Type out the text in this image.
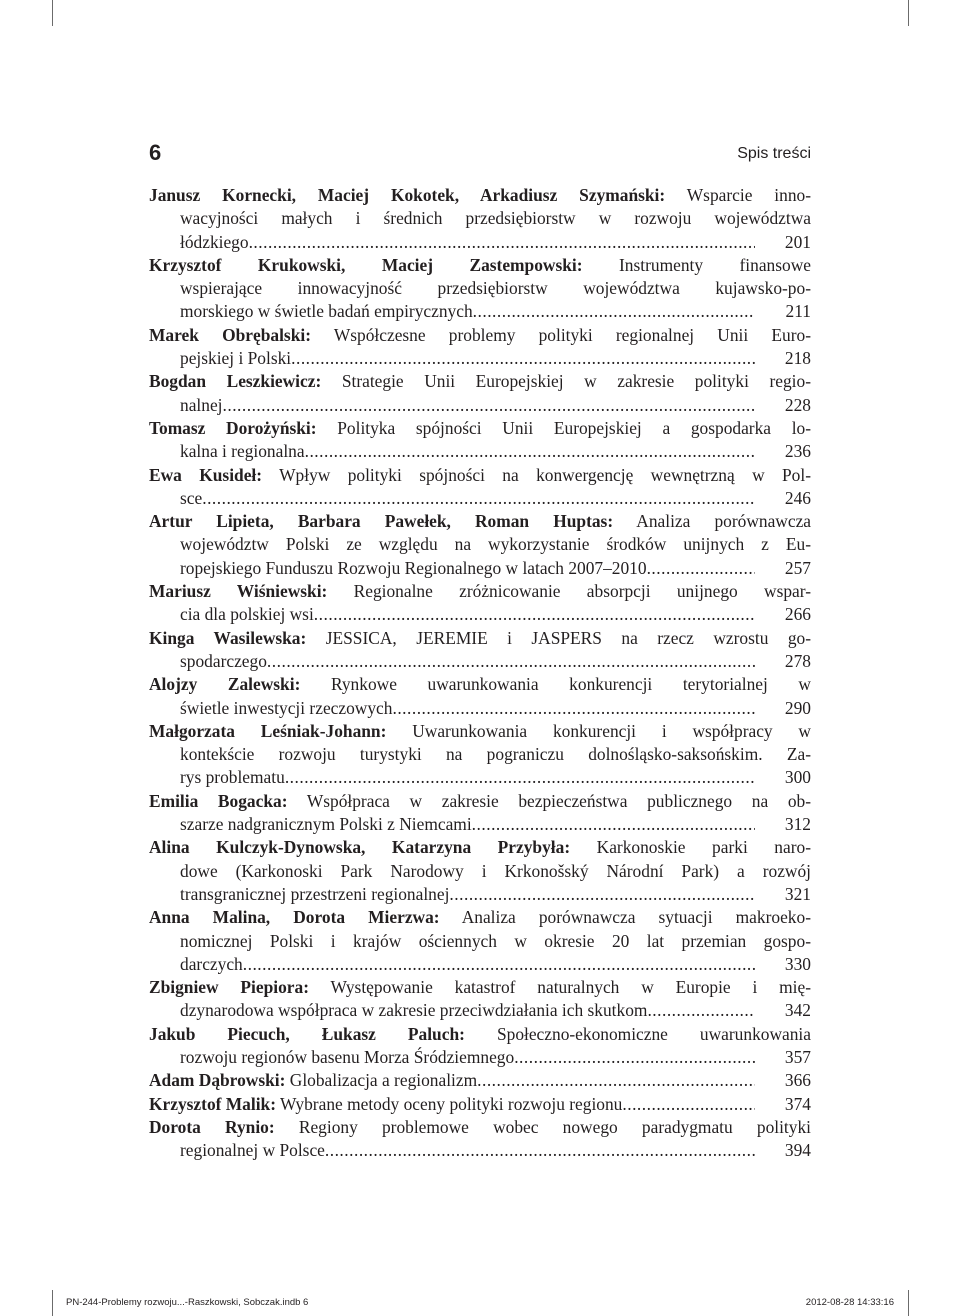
6	Spis treści
Janusz Kornecki, Maciej Kokotek, Arkadiusz Szymański: Wsparcie inno-
wacyjności małych i średnich przedsiębiorstw w rozwoju województwa
łódzkiego .....	201
Krzysztof Krukowski, Maciej Zastempowski: Instrumenty finansowe
wspierające innowacyjność przedsiębiorstw województwa kujawsko-po-
morskiego w świetle badań empirycznych .....	211
Marek Obrębalski: Współczesne problemy polityki regionalnej Unii Euro-
pejskiej i Polski .....	218
Bogdan Leszkiewicz: Strategie Unii Europejskiej w zakresie polityki regio-
nalnej .....	228
Tomasz Dorożyński: Polityka spójności Unii Europejskiej a gospodarka lo-
kalna i regionalna .....	236
Ewa Kusideł: Wpływ polityki spójności na konwergencję wewnętrzną w Pol-
sce .....	246
Artur Lipieta, Barbara Pawełek, Roman Huptas: Analiza porównawcza
województw Polski ze względu na wykorzystanie środków unijnych z Eu-
ropejskiego Funduszu Rozwoju Regionalnego w latach 2007–2010 .....	257
Mariusz Wiśniewski: Regionalne zróżnicowanie absorpcji unijnego wspar-
cia dla polskiej wsi .....	266
Kinga Wasilewska: JESSICA, JEREMIE i JASPERS na rzecz wzrostu go-
spodarczego .....	278
Alojzy Zalewski: Rynkowe uwarunkowania konkurencji terytorialnej w
świetle inwestycji rzeczowych .....	290
Małgorzata Leśniak-Johann: Uwarunkowania konkurencji i współpracy w
kontekście rozwoju turystyki na pograniczu dolnośląsko-saksońskim. Za-
rys problematu .....	300
Emilia Bogacka: Współpraca w zakresie bezpieczeństwa publicznego na ob-
szarze nadgranicznym Polski z Niemcami .....	312
Alina Kulczyk-Dynowska, Katarzyna Przybyła: Karkonoskie parki naro-
dowe (Karkonoski Park Narodowy i Krkonošský Národní Park) a rozwój
transgranicznej przestrzeni regionalnej .....	321
Anna Malina, Dorota Mierzwa: Analiza porównawcza sytuacji makroeko-
nomicznej Polski i krajów ościennych w okresie 20 lat przemian gospo-
darczych .....	330
Zbigniew Piepiora: Występowanie katastrof naturalnych w Europie i mię-
dzynarodowa współpraca w zakresie przeciwdziałania ich skutkom .....	342
Jakub Piecuch, Łukasz Paluch: Społeczno-ekonomiczne uwarunkowania
rozwoju regionów basenu Morza Śródziemnego .....	357
Adam Dąbrowski: Globalizacja a regionalizm .....	366
Krzysztof Malik: Wybrane metody oceny polityki rozwoju regionu .....	374
Dorota Rynio: Regiony problemowe wobec nowego paradygmatu polityki
regionalnej w Polsce .....	394
PN-244-Problemy rozwoju...-Raszkowski, Sobczak.indb 6	2012-08-28 14:33:16
